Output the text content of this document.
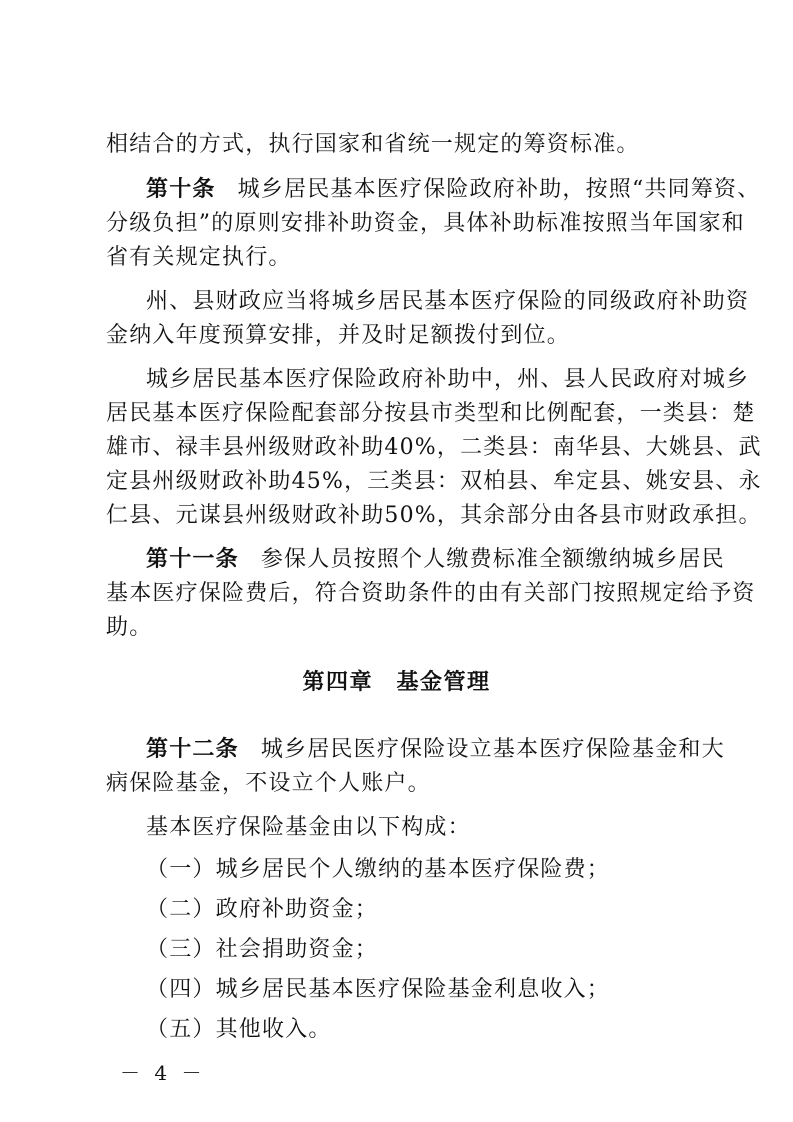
相结合的方式，执行国家和省统一规定的筹资标准。
第十条 城乡居民基本医疗保险政府补助，按照“共同筹资、
分级负担”的原则安排补助资金，具体补助标准按照当年国家和
省有关规定执行。
州、县财政应当将城乡居民基本医疗保险的同级政府补助资
金纳入年度预算安排，并及时足额拨付到位。
城乡居民基本医疗保险政府补助中，州、县人民政府对城乡
居民基本医疗保险配套部分按县市类型和比例配套，一类县：楚
雄市、禄丰县州级财政补助40%，二类县：南华县、大姚县、武
定县州级财政补助45%，三类县：双柏县、牟定县、姚安县、永
仁县、元谋县州级财政补助50%，其余部分由各县市财政承担。
第十一条 参保人员按照个人缴费标准全额缴纳城乡居民
基本医疗保险费后，符合资助条件的由有关部门按照规定给予资
助。
第四章　基金管理
第十二条 城乡居民医疗保险设立基本医疗保险基金和大
病保险基金，不设立个人账户。
基本医疗保险基金由以下构成：
（一）城乡居民个人缴纳的基本医疗保险费；
（二）政府补助资金；
（三）社会捐助资金；
（四）城乡居民基本医疗保险基金利息收入；
（五）其他收入。
－ 4 －
